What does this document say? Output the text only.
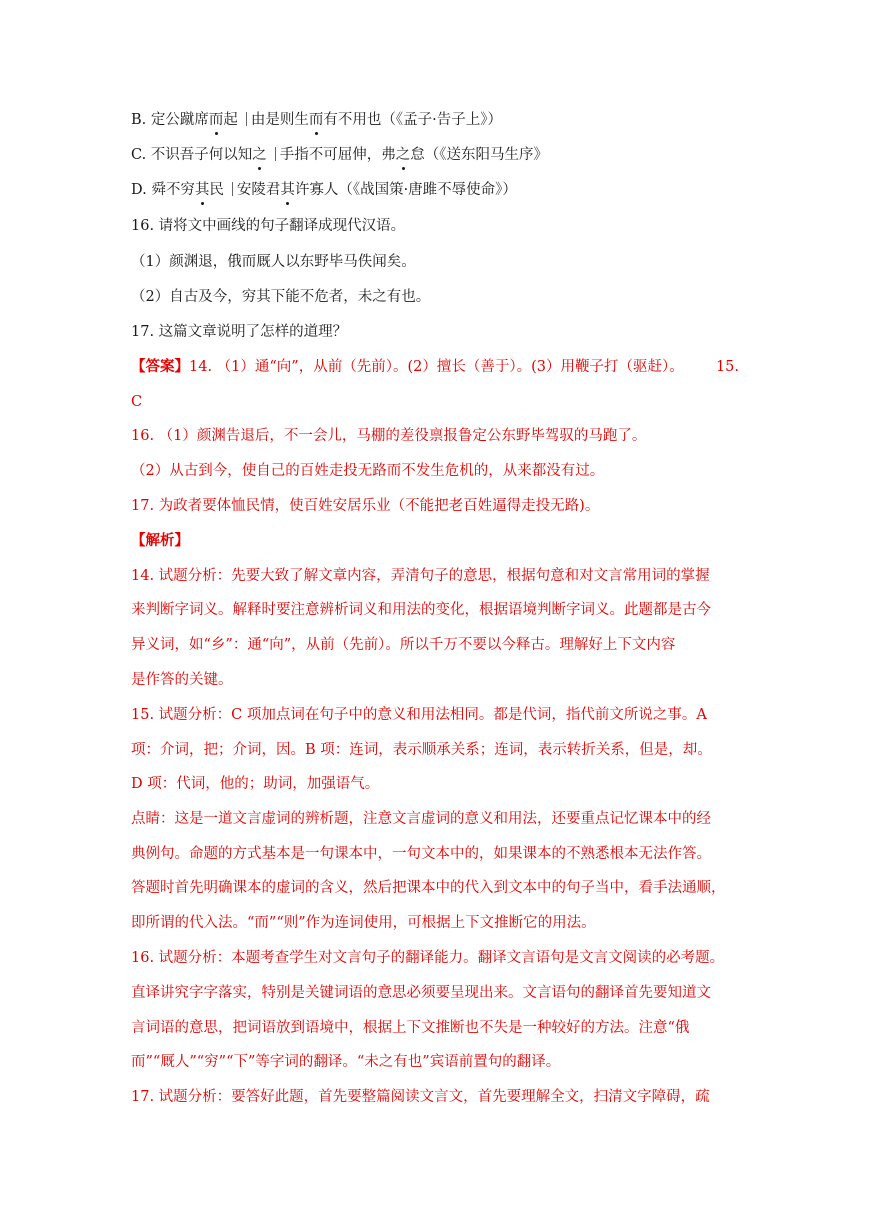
B. 定公蹴席而起 由是则生而有不用也（《孟子·告子上》）
C. 不识吾子何以知之 手指不可屈伸，弗之怠（《送东阳马生序》
D. 舜不穷其民 安陵君其许寡人（《战国策·唐雎不辱使命》）
16. 请将文中画线的句子翻译成现代汉语。
（1）颜渊退，俄而厩人以东野毕马佚闻矣。
（2）自古及今，穷其下能不危者，未之有也。
17. 这篇文章说明了怎样的道理？
【答案】14. （1）通“向”，从前（先前）。(2）擅长（善于）。(3）用鞭子打（驱赶）。 15.
C
16. （1）颜渊告退后，不一会儿，马棚的差役禀报鲁定公东野毕驾驭的马跑了。
（2）从古到今，使自己的百姓走投无路而不发生危机的，从来都没有过。
17. 为政者要体恤民情，使百姓安居乐业（不能把老百姓逼得走投无路)。
【解析】
14. 试题分析：先要大致了解文章内容，弄清句子的意思，根据句意和对文言常用词的掌握
来判断字词义。解释时要注意辨析词义和用法的变化，根据语境判断字词义。此题都是古今
异义词，如“乡”：通“向”，从前（先前）。所以千万不要以今释古。理解好上下文内容
是作答的关键。
15. 试题分析：C 项加点词在句子中的意义和用法相同。都是代词，指代前文所说之事。A
项：介词，把；介词，因。B 项：连词，表示顺承关系；连词，表示转折关系，但是，却。
D 项：代词，他的；助词，加强语气。
点睛：这是一道文言虚词的辨析题，注意文言虚词的意义和用法，还要重点记忆课本中的经
典例句。命题的方式基本是一句课本中，一句文本中的，如果课本的不熟悉根本无法作答。
答题时首先明确课本的虚词的含义，然后把课本中的代入到文本中的句子当中，看手法通顺，
即所谓的代入法。“而”“则”作为连词使用，可根据上下文推断它的用法。
16. 试题分析：本题考查学生对文言句子的翻译能力。翻译文言语句是文言文阅读的必考题。
直译讲究字字落实，特别是关键词语的意思必须要呈现出来。文言语句的翻译首先要知道文
言词语的意思，把词语放到语境中，根据上下文推断也不失是一种较好的方法。注意“俄
而”“厩人”“穷”“下”等字词的翻译。“未之有也”宾语前置句的翻译。
17. 试题分析：要答好此题，首先要整篇阅读文言文，首先要理解全文，扫清文字障碍，疏
